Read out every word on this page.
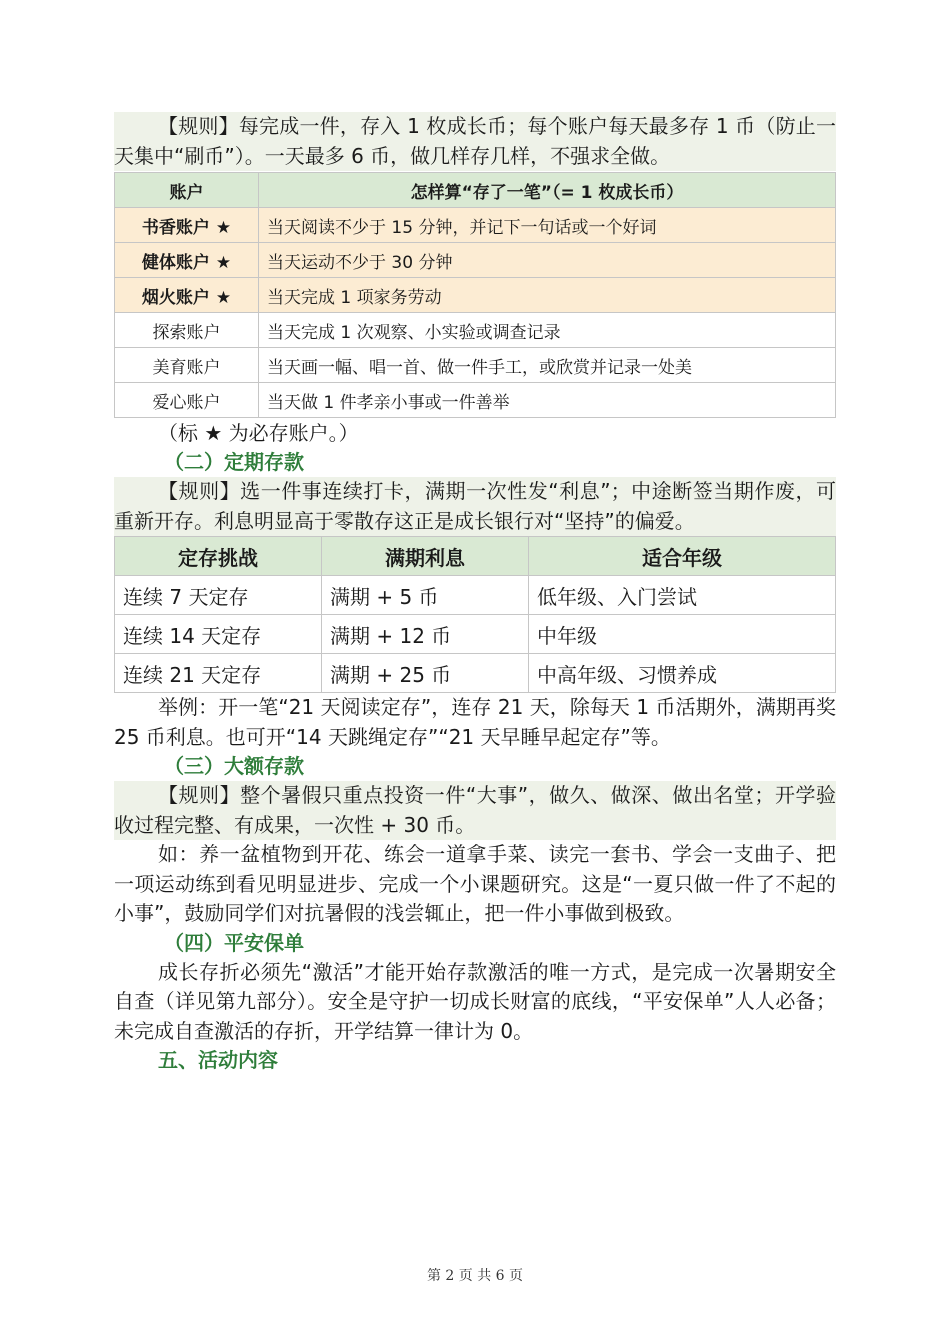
【规则】每完成一件，存入 1 枚成长币；每个账户每天最多存 1 币（防止一天集中“刷币”）。一天最多 6 币，做几样存几样，不强求全做。

账户	怎样算“存了一笔”（= 1 枚成长币）
书香账户 ★	当天阅读不少于 15 分钟，并记下一句话或一个好词
健体账户 ★	当天运动不少于 30 分钟
烟火账户 ★	当天完成 1 项家务劳动
探索账户	当天完成 1 次观察、小实验或调查记录
美育账户	当天画一幅、唱一首、做一件手工，或欣赏并记录一处美
爱心账户	当天做 1 件孝亲小事或一件善举

（标 ★ 为必存账户。）

（二）定期存款

【规则】选一件事连续打卡，满期一次性发“利息”；中途断签当期作废，可重新开存。利息明显高于零散存这正是成长银行对“坚持”的偏爱。

定存挑战	满期利息	适合年级
连续 7 天定存	满期 + 5 币	低年级、入门尝试
连续 14 天定存	满期 + 12 币	中年级
连续 21 天定存	满期 + 25 币	中高年级、习惯养成

举例：开一笔“21 天阅读定存”，连存 21 天，除每天 1 币活期外，满期再奖 25 币利息。也可开“14 天跳绳定存”“21 天早睡早起定存”等。

（三）大额存款

【规则】整个暑假只重点投资一件“大事”，做久、做深、做出名堂；开学验收过程完整、有成果，一次性 + 30 币。

如：养一盆植物到开花、练会一道拿手菜、读完一套书、学会一支曲子、把一项运动练到看见明显进步、完成一个小课题研究。这是“一夏只做一件了不起的小事”，鼓励同学们对抗暑假的浅尝辄止，把一件小事做到极致。

（四）平安保单

成长存折必须先“激活”才能开始存款激活的唯一方式，是完成一次暑期安全自查（详见第九部分）。安全是守护一切成长财富的底线，“平安保单”人人必备；未完成自查激活的存折，开学结算一律计为 0。

五、活动内容

第 2 页 共 6 页
